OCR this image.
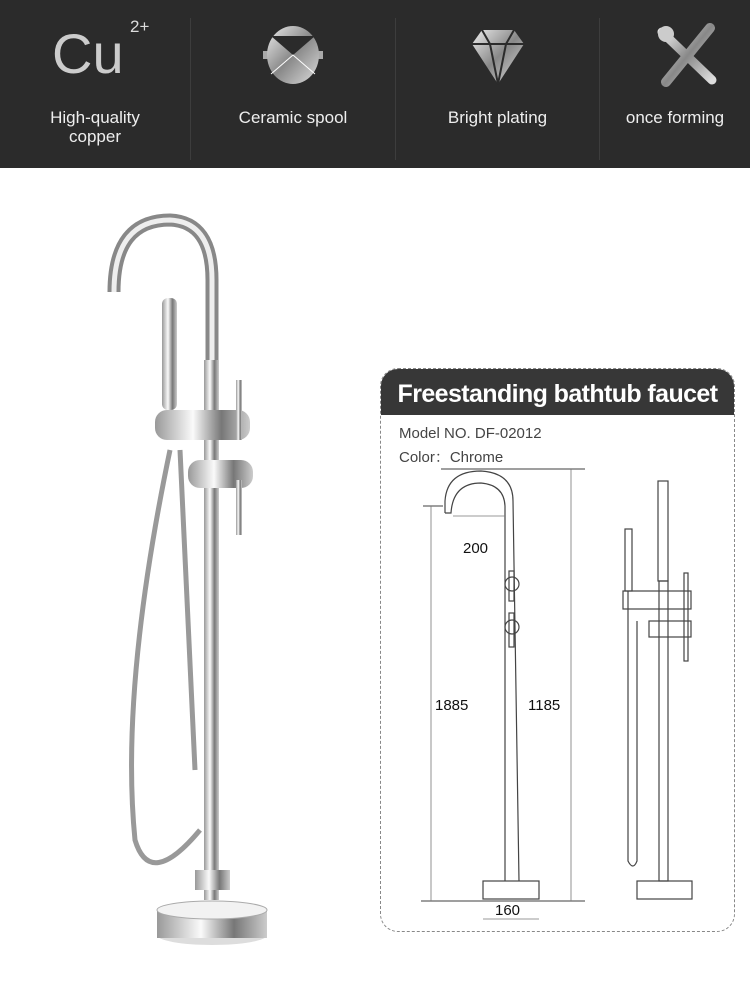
Cu 2+
High-quality
copper
Ceramic spool	Bright plating	once forming
Freestanding bathtub faucet
Model NO. DF-02012
Color：Chrome
200
1885	1185
160
